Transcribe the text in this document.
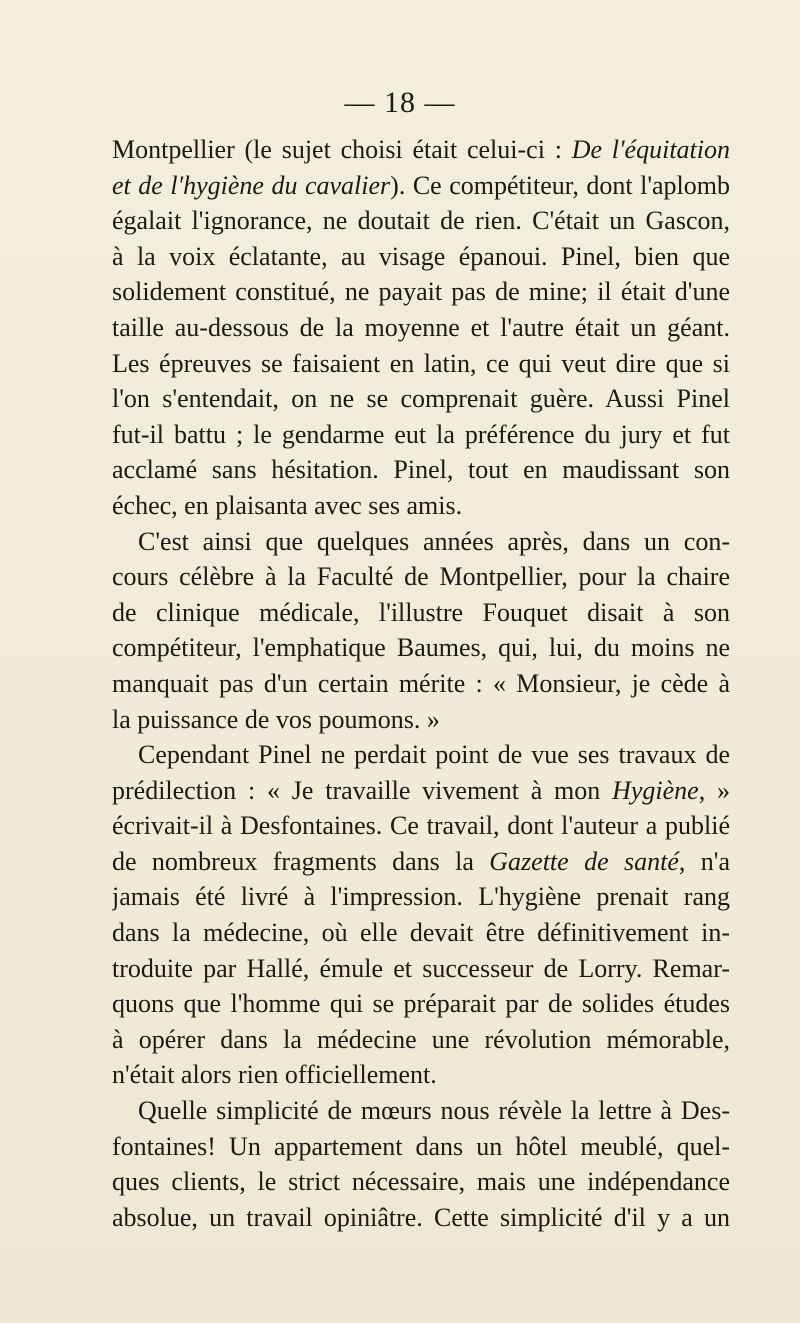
— 18 —
Montpellier (le sujet choisi était celui-ci : De l'équitation
et de l'hygiène du cavalier). Ce compétiteur, dont l'aplomb
égalait l'ignorance, ne doutait de rien. C'était un Gascon,
à la voix éclatante, au visage épanoui. Pinel, bien que
solidement constitué, ne payait pas de mine; il était d'une
taille au-dessous de la moyenne et l'autre était un géant.
Les épreuves se faisaient en latin, ce qui veut dire que si
l'on s'entendait, on ne se comprenait guère. Aussi Pinel
fut-il battu ; le gendarme eut la préférence du jury et fut
acclamé sans hésitation. Pinel, tout en maudissant son
échec, en plaisanta avec ses amis.
C'est ainsi que quelques années après, dans un con-
cours célèbre à la Faculté de Montpellier, pour la chaire
de clinique médicale, l'illustre Fouquet disait à son
compétiteur, l'emphatique Baumes, qui, lui, du moins ne
manquait pas d'un certain mérite : « Monsieur, je cède à
la puissance de vos poumons. »
Cependant Pinel ne perdait point de vue ses travaux de
prédilection : « Je travaille vivement à mon Hygiène, »
écrivait-il à Desfontaines. Ce travail, dont l'auteur a publié
de nombreux fragments dans la Gazette de santé, n'a
jamais été livré à l'impression. L'hygiène prenait rang
dans la médecine, où elle devait être définitivement in-
troduite par Hallé, émule et successeur de Lorry. Remar-
quons que l'homme qui se préparait par de solides études
à opérer dans la médecine une révolution mémorable,
n'était alors rien officiellement.
Quelle simplicité de mœurs nous révèle la lettre à Des-
fontaines! Un appartement dans un hôtel meublé, quel-
ques clients, le strict nécessaire, mais une indépendance
absolue, un travail opiniâtre. Cette simplicité d'il y a un
